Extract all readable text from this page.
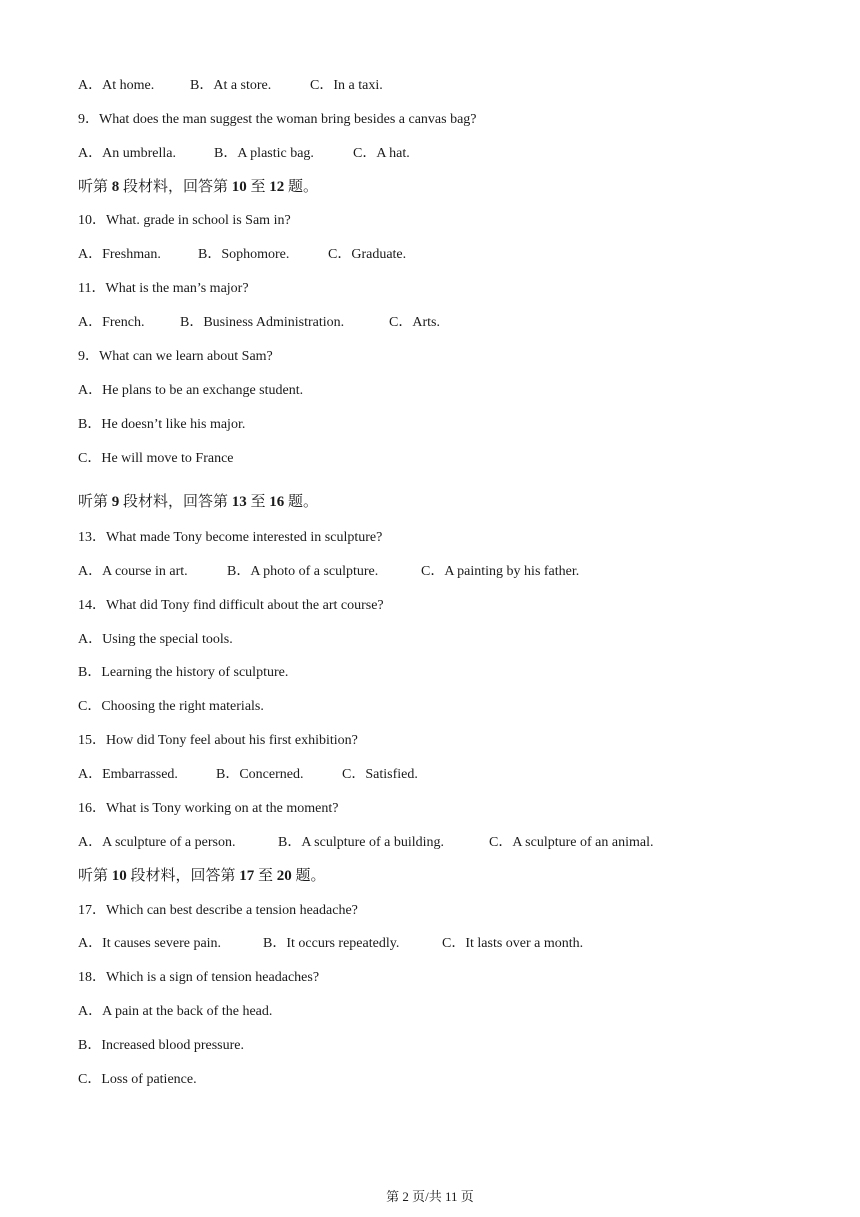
A．At home.	B．At a store.	C．In a taxi.
9．What does the man suggest the woman bring besides a canvas bag?
A．An umbrella.	B．A plastic bag.	C．A hat.
听第 8 段材料，回答第 10 至 12 题。
10．What. grade in school is Sam in?
A．Freshman.	B．Sophomore.	C．Graduate.
11．What is the man’s major?
A．French.	B．Business Administration.	C．Arts.
9．What can we learn about Sam?
A．He plans to be an exchange student.
B．He doesn’t like his major.
C．He will move to France
听第 9 段材料，回答第 13 至 16 题。
13．What made Tony become interested in sculpture?
A．A course in art.	B．A photo of a sculpture.	C．A painting by his father.
14．What did Tony find difficult about the art course?
A．Using the special tools.
B．Learning the history of sculpture.
C．Choosing the right materials.
15．How did Tony feel about his first exhibition?
A．Embarrassed.	B．Concerned.	C．Satisfied.
16．What is Tony working on at the moment?
A．A sculpture of a person.	B．A sculpture of a building.	C．A sculpture of an animal.
听第 10 段材料，回答第 17 至 20 题。
17．Which can best describe a tension headache?
A．It causes severe pain.	B．It occurs repeatedly.	C．It lasts over a month.
18．Which is a sign of tension headaches?
A．A pain at the back of the head.
B．Increased blood pressure.
C．Loss of patience.
第 2 页/共 11 页
